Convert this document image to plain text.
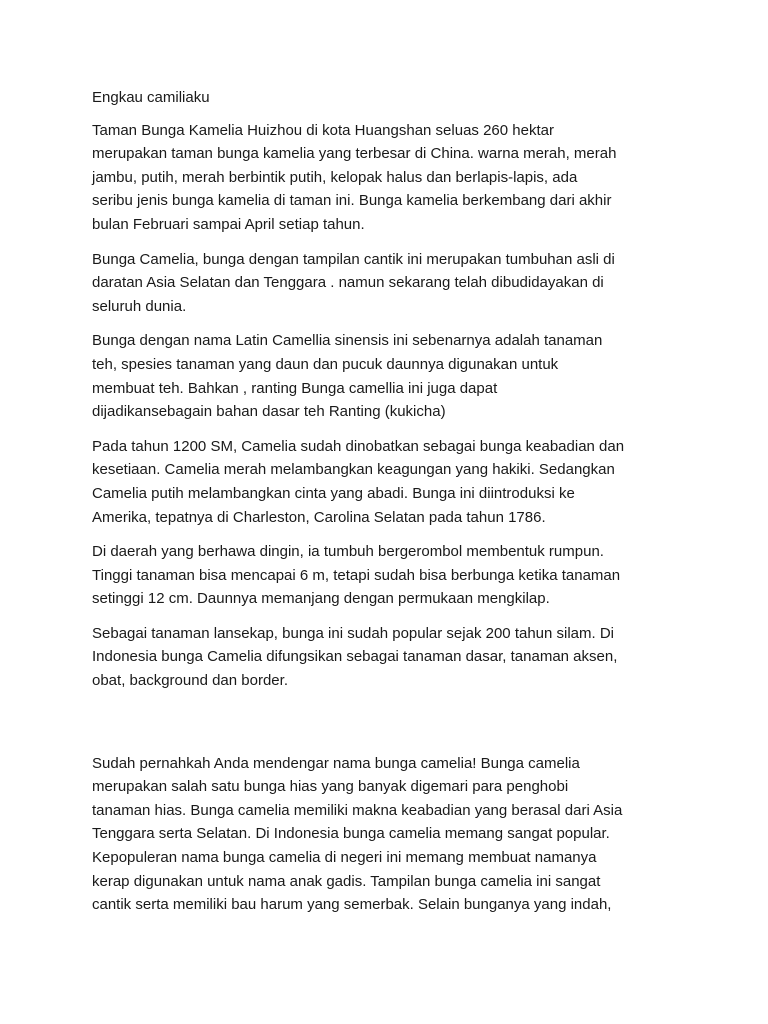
Engkau camiliaku

Taman Bunga Kamelia Huizhou di kota Huangshan seluas 260 hektar
merupakan taman bunga kamelia yang terbesar di China. warna merah, merah
jambu, putih, merah berbintik putih, kelopak halus dan berlapis-lapis, ada
seribu jenis bunga kamelia di taman ini. Bunga kamelia berkembang dari akhir
bulan Februari sampai April setiap tahun.
Bunga Camelia, bunga dengan tampilan cantik ini merupakan tumbuhan asli di
daratan Asia Selatan dan Tenggara . namun sekarang telah dibudidayakan di
seluruh dunia.
Bunga dengan nama Latin Camellia sinensis ini sebenarnya adalah tanaman
teh, spesies tanaman yang daun dan pucuk daunnya digunakan untuk
membuat teh. Bahkan , ranting Bunga camellia ini juga dapat
dijadikansebagain bahan dasar teh Ranting (kukicha)
Pada tahun 1200 SM, Camelia sudah dinobatkan sebagai bunga keabadian dan
kesetiaan. Camelia merah melambangkan keagungan yang hakiki. Sedangkan
Camelia putih melambangkan cinta yang abadi. Bunga ini diintroduksi ke
Amerika, tepatnya di Charleston, Carolina Selatan pada tahun 1786.
Di daerah yang berhawa dingin, ia tumbuh bergerombol membentuk rumpun.
Tinggi tanaman bisa mencapai 6 m, tetapi sudah bisa berbunga ketika tanaman
setinggi 12 cm. Daunnya memanjang dengan permukaan mengkilap.
Sebagai tanaman lansekap, bunga ini sudah popular sejak 200 tahun silam. Di
Indonesia bunga Camelia difungsikan sebagai tanaman dasar, tanaman aksen,
obat, background dan border.
Sudah pernahkah Anda mendengar nama bunga camelia! Bunga camelia
merupakan salah satu bunga hias yang banyak digemari para penghobi
tanaman hias. Bunga camelia memiliki makna keabadian yang berasal dari Asia
Tenggara serta Selatan. Di Indonesia bunga camelia memang sangat popular.
Kepopuleran nama bunga camelia di negeri ini memang membuat namanya
kerap digunakan untuk nama anak gadis. Tampilan bunga camelia ini sangat
cantik serta memiliki bau harum yang semerbak. Selain bunganya yang indah,
